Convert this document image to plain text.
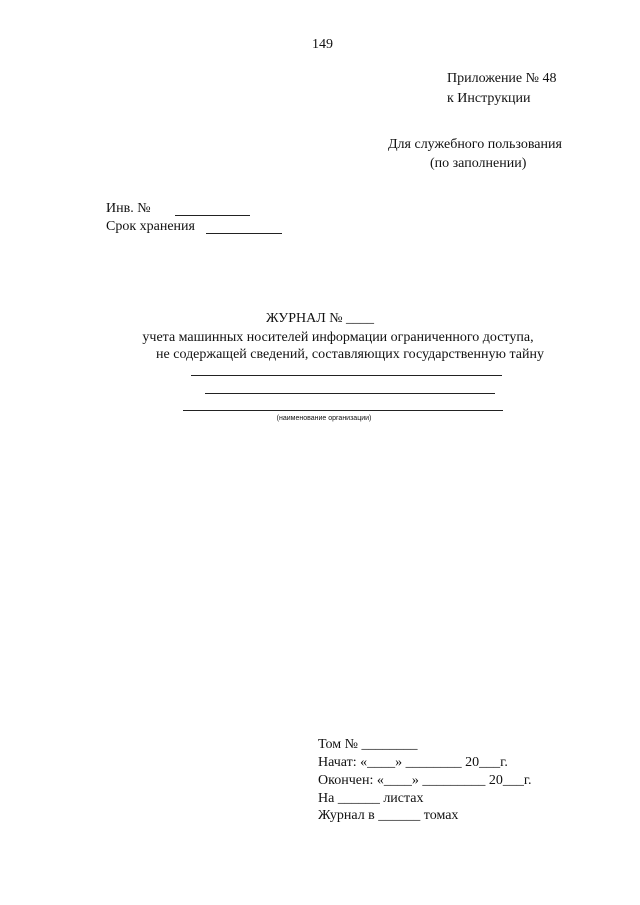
149
Приложение № 48
к Инструкции
Для служебного пользования
(по заполнении)
Инв. №
Срок хранения
ЖУРНАЛ № ____
учета машинных носителей информации ограниченного доступа,
не содержащей сведений, составляющих государственную тайну
(наименование организации)
Том № ________
Начат: «____» ________ 20___г.
Окончен: «____» _________ 20___г.
На ______ листах
Журнал в ______ томах
